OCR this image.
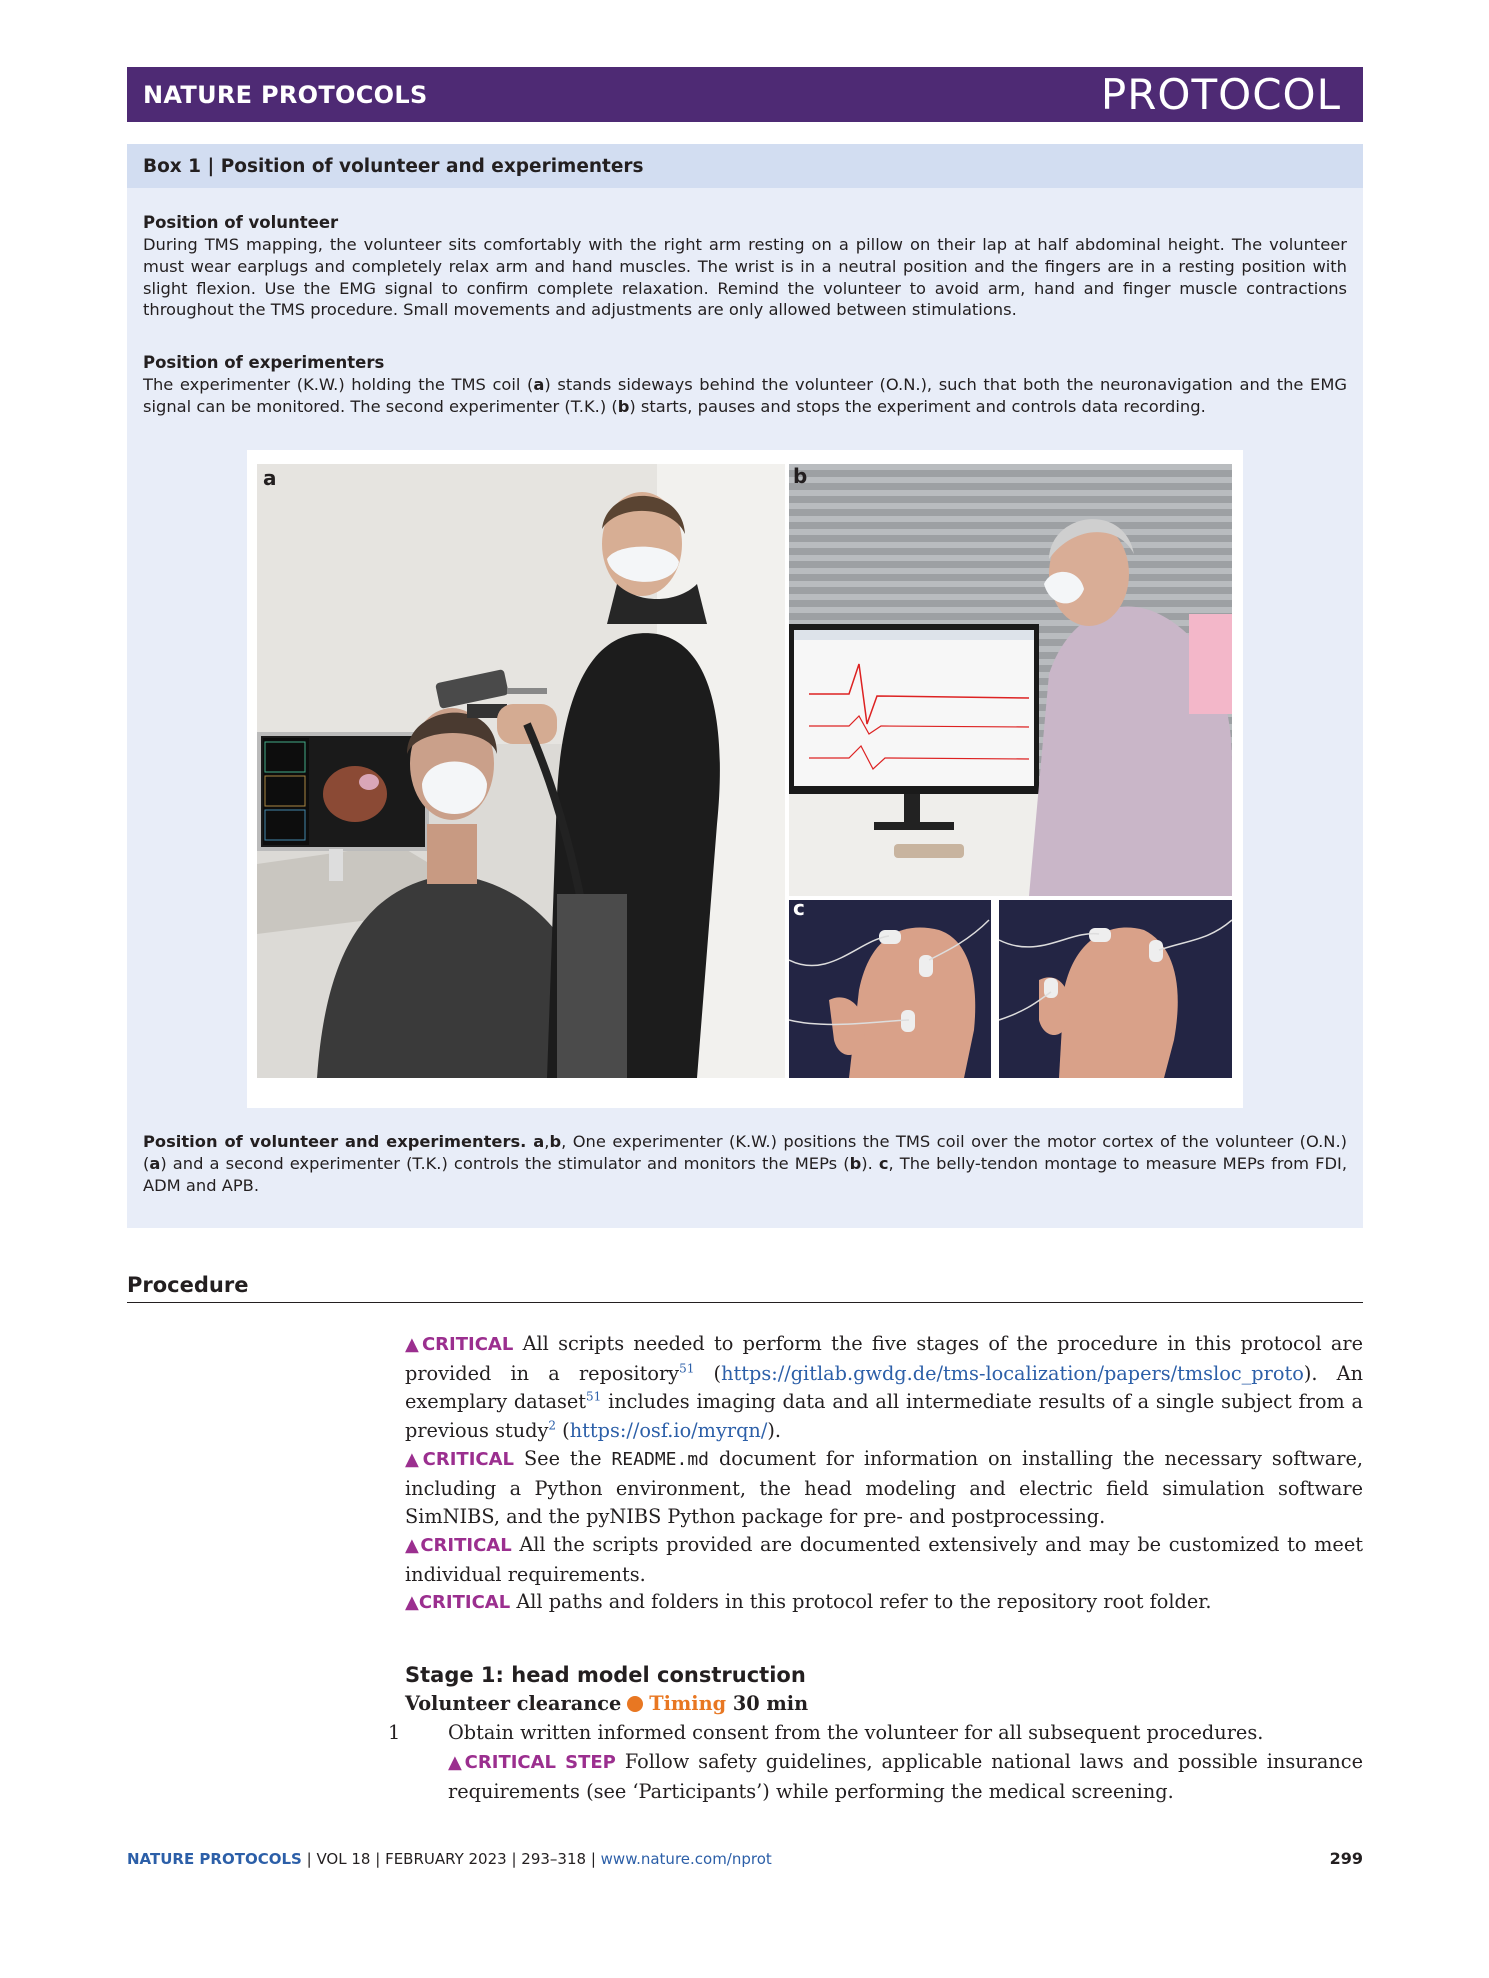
NATURE PROTOCOLS	PROTOCOL
Box 1 | Position of volunteer and experimenters
Position of volunteer
During TMS mapping, the volunteer sits comfortably with the right arm resting on a pillow on their lap at half abdominal height. The volunteer must wear earplugs and completely relax arm and hand muscles. The wrist is in a neutral position and the fingers are in a resting position with slight flexion. Use the EMG signal to confirm complete relaxation. Remind the volunteer to avoid arm, hand and finger muscle contractions throughout the TMS procedure. Small movements and adjustments are only allowed between stimulations.
Position of experimenters
The experimenter (K.W.) holding the TMS coil (a) stands sideways behind the volunteer (O.N.), such that both the neuronavigation and the EMG signal can be monitored. The second experimenter (T.K.) (b) starts, pauses and stops the experiment and controls data recording.
a	b
c
Position of volunteer and experimenters. a,b, One experimenter (K.W.) positions the TMS coil over the motor cortex of the volunteer (O.N.) (a) and a second experimenter (T.K.) controls the stimulator and monitors the MEPs (b). c, The belly-tendon montage to measure MEPs from FDI, ADM and APB.
Procedure
▲CRITICAL All scripts needed to perform the five stages of the procedure in this protocol are provided in a repository$^{51}$ (https://gitlab.gwdg.de/tms-localization/papers/tmsloc_proto). An exemplary dataset$^{51}$ includes imaging data and all intermediate results of a single subject from a previous study$^2$ (https://osf.io/myrqn/).
▲CRITICAL See the README.md document for information on installing the necessary software, including a Python environment, the head modeling and electric field simulation software SimNIBS, and the pyNIBS Python package for pre- and postprocessing.
▲CRITICAL All the scripts provided are documented extensively and may be customized to meet individual requirements.
▲CRITICAL All paths and folders in this protocol refer to the repository root folder.
Stage 1: head model construction
Volunteer clearance Timing 30 min
1	Obtain written informed consent from the volunteer for all subsequent procedures.
▲CRITICAL STEP Follow safety guidelines, applicable national laws and possible insurance requirements (see ‘Participants’) while performing the medical screening.
NATURE PROTOCOLS | VOL 18 | FEBRUARY 2023 | 293–318 | www.nature.com/nprot	299
